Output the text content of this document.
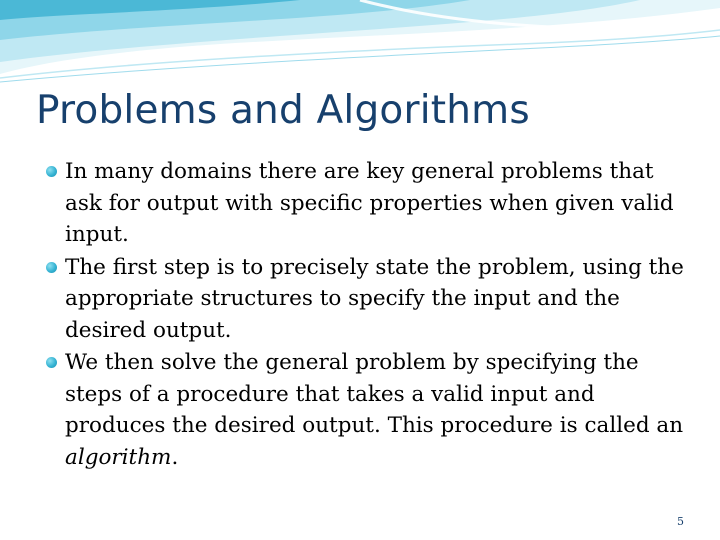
Problems and Algorithms
In many domains there are key general problems that ask for output with specific properties when given valid input.
The first step is to precisely state the problem, using the appropriate structures to specify the input and the desired output.
We then solve the general problem by specifying the steps of a procedure that takes a valid input and produces the desired output. This procedure is called an algorithm.
5
